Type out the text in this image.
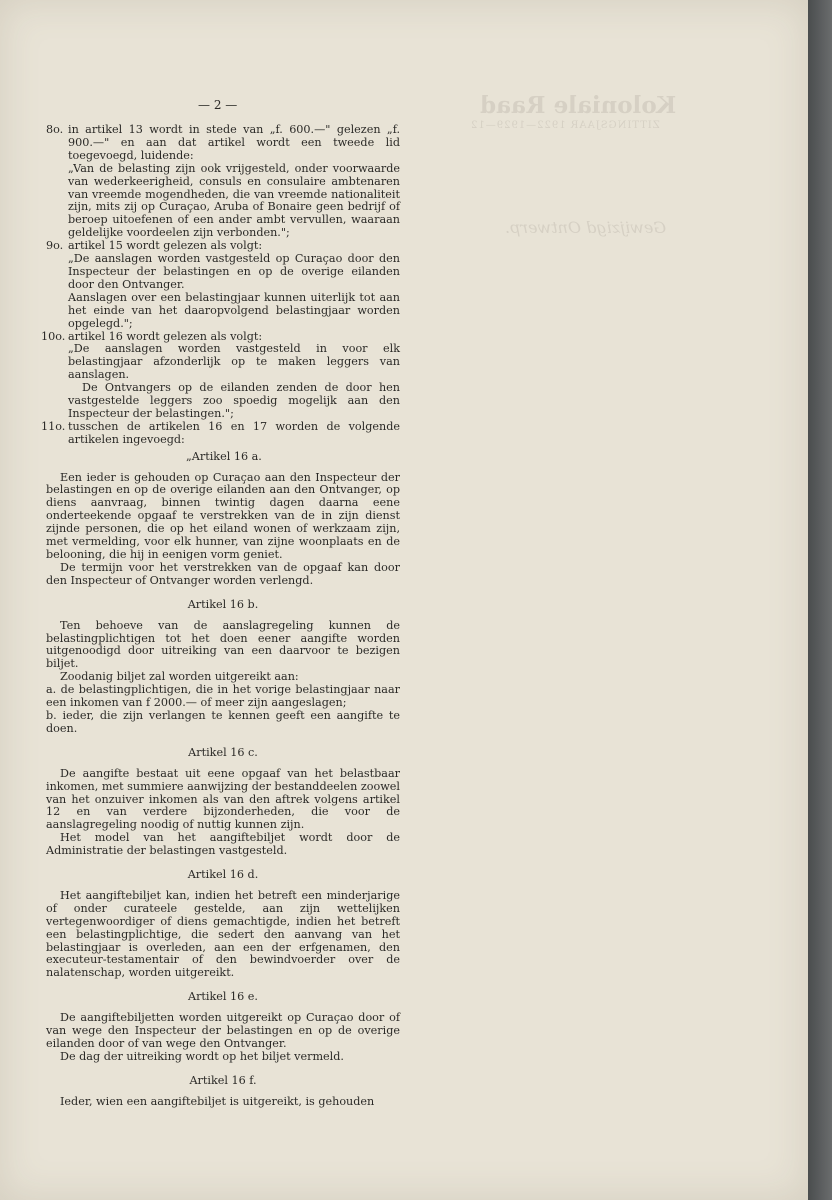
Koloniale Raad
ZITTINGSJAAR 1922—1929—12
Gewijzigd Ontwerp.
— 2 —
8o. in artikel 13 wordt in stede van „f. 600.—" gelezen „f. 900.—" en aan dat artikel wordt een tweede lid toegevoegd, luidende:
„Van de belasting zijn ook vrijgesteld, onder voorwaarde van wederkeerigheid, consuls en consulaire ambtenaren van vreemde mogendheden, die van vreemde nationaliteit zijn, mits zij op Curaçao, Aruba of Bonaire geen bedrijf of beroep uitoefenen of een ander ambt vervullen, waaraan geldelijke voordeelen zijn verbonden.";
9o. artikel 15 wordt gelezen als volgt:
„De aanslagen worden vastgesteld op Curaçao door den Inspecteur der belastingen en op de overige eilanden door den Ontvanger.
Aanslagen over een belastingjaar kunnen uiterlijk tot aan het einde van het daaropvolgend belastingjaar worden opgelegd.";
10o. artikel 16 wordt gelezen als volgt:
„De aanslagen worden vastgesteld in voor elk belastingjaar afzonderlijk op te maken leggers van aanslagen.
De Ontvangers op de eilanden zenden de door hen vastgestelde leggers zoo spoedig mogelijk aan den Inspecteur der belastingen.";
11o. tusschen de artikelen 16 en 17 worden de volgende artikelen ingevoegd:
„Artikel 16 a.

Een ieder is gehouden op Curaçao aan den Inspecteur der belastingen en op de overige eilanden aan den Ontvanger, op diens aanvraag, binnen twintig dagen daarna eene onderteekende opgaaf te verstrekken van de in zijn dienst zijnde personen, die op het eiland wonen of werkzaam zijn, met vermelding, voor elk hunner, van zijne woonplaats en de belooning, die hij in eenigen vorm geniet.

De termijn voor het verstrekken van de opgaaf kan door den Inspecteur of Ontvanger worden verlengd.

Artikel 16 b.

Ten behoeve van de aanslagregeling kunnen de belastingplichtigen tot het doen eener aangifte worden uitgenoodigd door uitreiking van een daarvoor te bezigen biljet.

Zoodanig biljet zal worden uitgereikt aan:

a. de belastingplichtigen, die in het vorige belastingjaar naar een inkomen van f 2000.— of meer zijn aangeslagen;

b. ieder, die zijn verlangen te kennen geeft een aangifte te doen.

Artikel 16 c.

De aangifte bestaat uit eene opgaaf van het belastbaar inkomen, met summiere aanwijzing der bestanddeelen zoowel van het onzuiver inkomen als van den aftrek volgens artikel 12 en van verdere bijzonderheden, die voor de aanslagregeling noodig of nuttig kunnen zijn.

Het model van het aangiftebiljet wordt door de Administratie der belastingen vastgesteld.

Artikel 16 d.

Het aangiftebiljet kan, indien het betreft een minderjarige of onder curateele gestelde, aan zijn wettelijken vertegenwoordiger of diens gemachtigde, indien het betreft een belastingplichtige, die sedert den aanvang van het belastingjaar is overleden, aan een der erfgenamen, den executeur-testamentair of den bewindvoerder over de nalatenschap, worden uitgereikt.

Artikel 16 e.

De aangiftebiljetten worden uitgereikt op Curaçao door of van wege den Inspecteur der belastingen en op de overige eilanden door of van wege den Ontvanger.

De dag der uitreiking wordt op het biljet vermeld.

Artikel 16 f.

Ieder, wien een aangiftebiljet is uitgereikt, is gehouden
